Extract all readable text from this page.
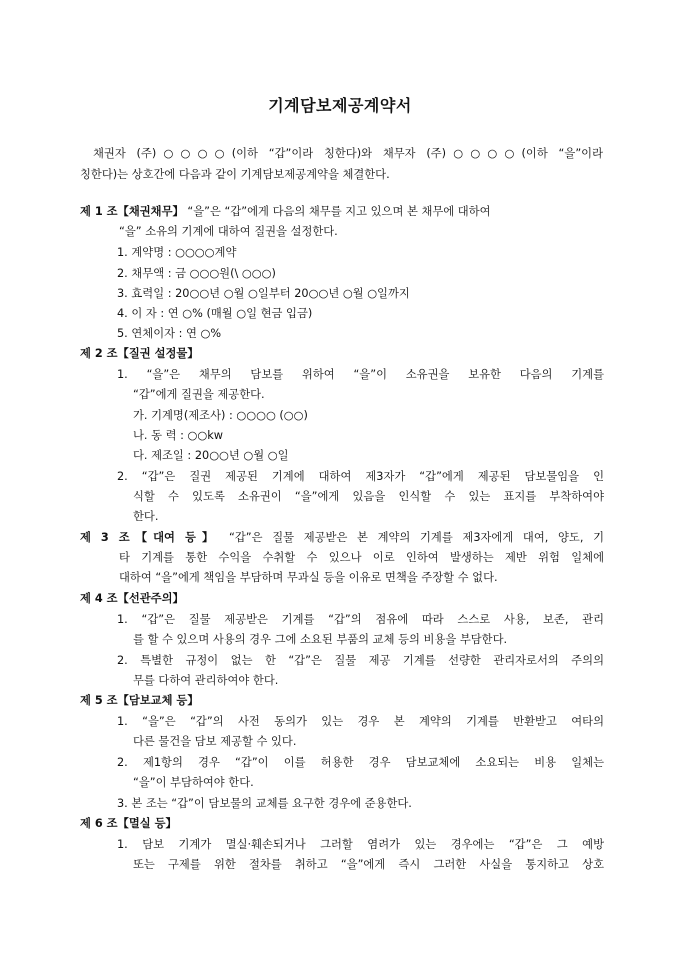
기계담보제공계약서
채권자 (주)○○○○(이하 “갑”이라 칭한다)와 채무자 (주)○○○○(이하 “을”이라
칭한다)는 상호간에 다음과 같이 기계담보제공계약을 체결한다.
제 1 조【채권채무】 “을”은 “갑”에게 다음의 채무를 지고 있으며 본 채무에 대하여
“을” 소유의 기계에 대하여 질권을 설정한다.
1. 계약명 : ○○○○계약
2. 채무액 : 금 ○○○원(\ ○○○)
3. 효력일 : 20○○년 ○월 ○일부터 20○○년 ○월 ○일까지
4. 이 자 : 연 ○% (매월 ○일 현금 입금)
5. 연체이자 : 연 ○%
제 2 조【질권 설정물】
1. “을”은 채무의 담보를 위하여 “을”이 소유권을 보유한 다음의 기계를
“갑”에게 질권을 제공한다.
가. 기계명(제조사) : ○○○○ (○○)
나. 동 력 : ○○kw
다. 제조일 : 20○○년 ○월 ○일
2. “갑”은 질권 제공된 기계에 대하여 제3자가 “갑”에게 제공된 담보물임을 인
식할 수 있도록 소유권이 “을”에게 있음을 인식할 수 있는 표지를 부착하여야
한다.
제 3 조【대여 등】 “갑”은 질물 제공받은 본 계약의 기계를 제3자에게 대여, 양도, 기
타 기계를 통한 수익을 수취할 수 있으나 이로 인하여 발생하는 제반 위험 일체에
대하여 “을”에게 책임을 부담하며 무과실 등을 이유로 면책을 주장할 수 없다.
제 4 조【선관주의】
1. “갑”은 질물 제공받은 기계를 “갑”의 점유에 따라 스스로 사용, 보존, 관리
를 할 수 있으며 사용의 경우 그에 소요된 부품의 교체 등의 비용을 부담한다.
2. 특별한 규정이 없는 한 “갑”은 질물 제공 기계를 선량한 관리자로서의 주의의
무를 다하여 관리하여야 한다.
제 5 조【담보교체 등】
1. “을”은 “갑”의 사전 동의가 있는 경우 본 계약의 기계를 반환받고 여타의
다른 물건을 담보 제공할 수 있다.
2. 제1항의 경우 “갑”이 이를 허용한 경우 담보교체에 소요되는 비용 일체는
“을”이 부담하여야 한다.
3. 본 조는 “갑”이 담보물의 교체를 요구한 경우에 준용한다.
제 6 조【멸실 등】
1. 담보 기계가 멸실·훼손되거나 그러할 염려가 있는 경우에는 “갑”은 그 예방
또는 구제를 위한 절차를 취하고 “을”에게 즉시 그러한 사실을 통지하고 상호
